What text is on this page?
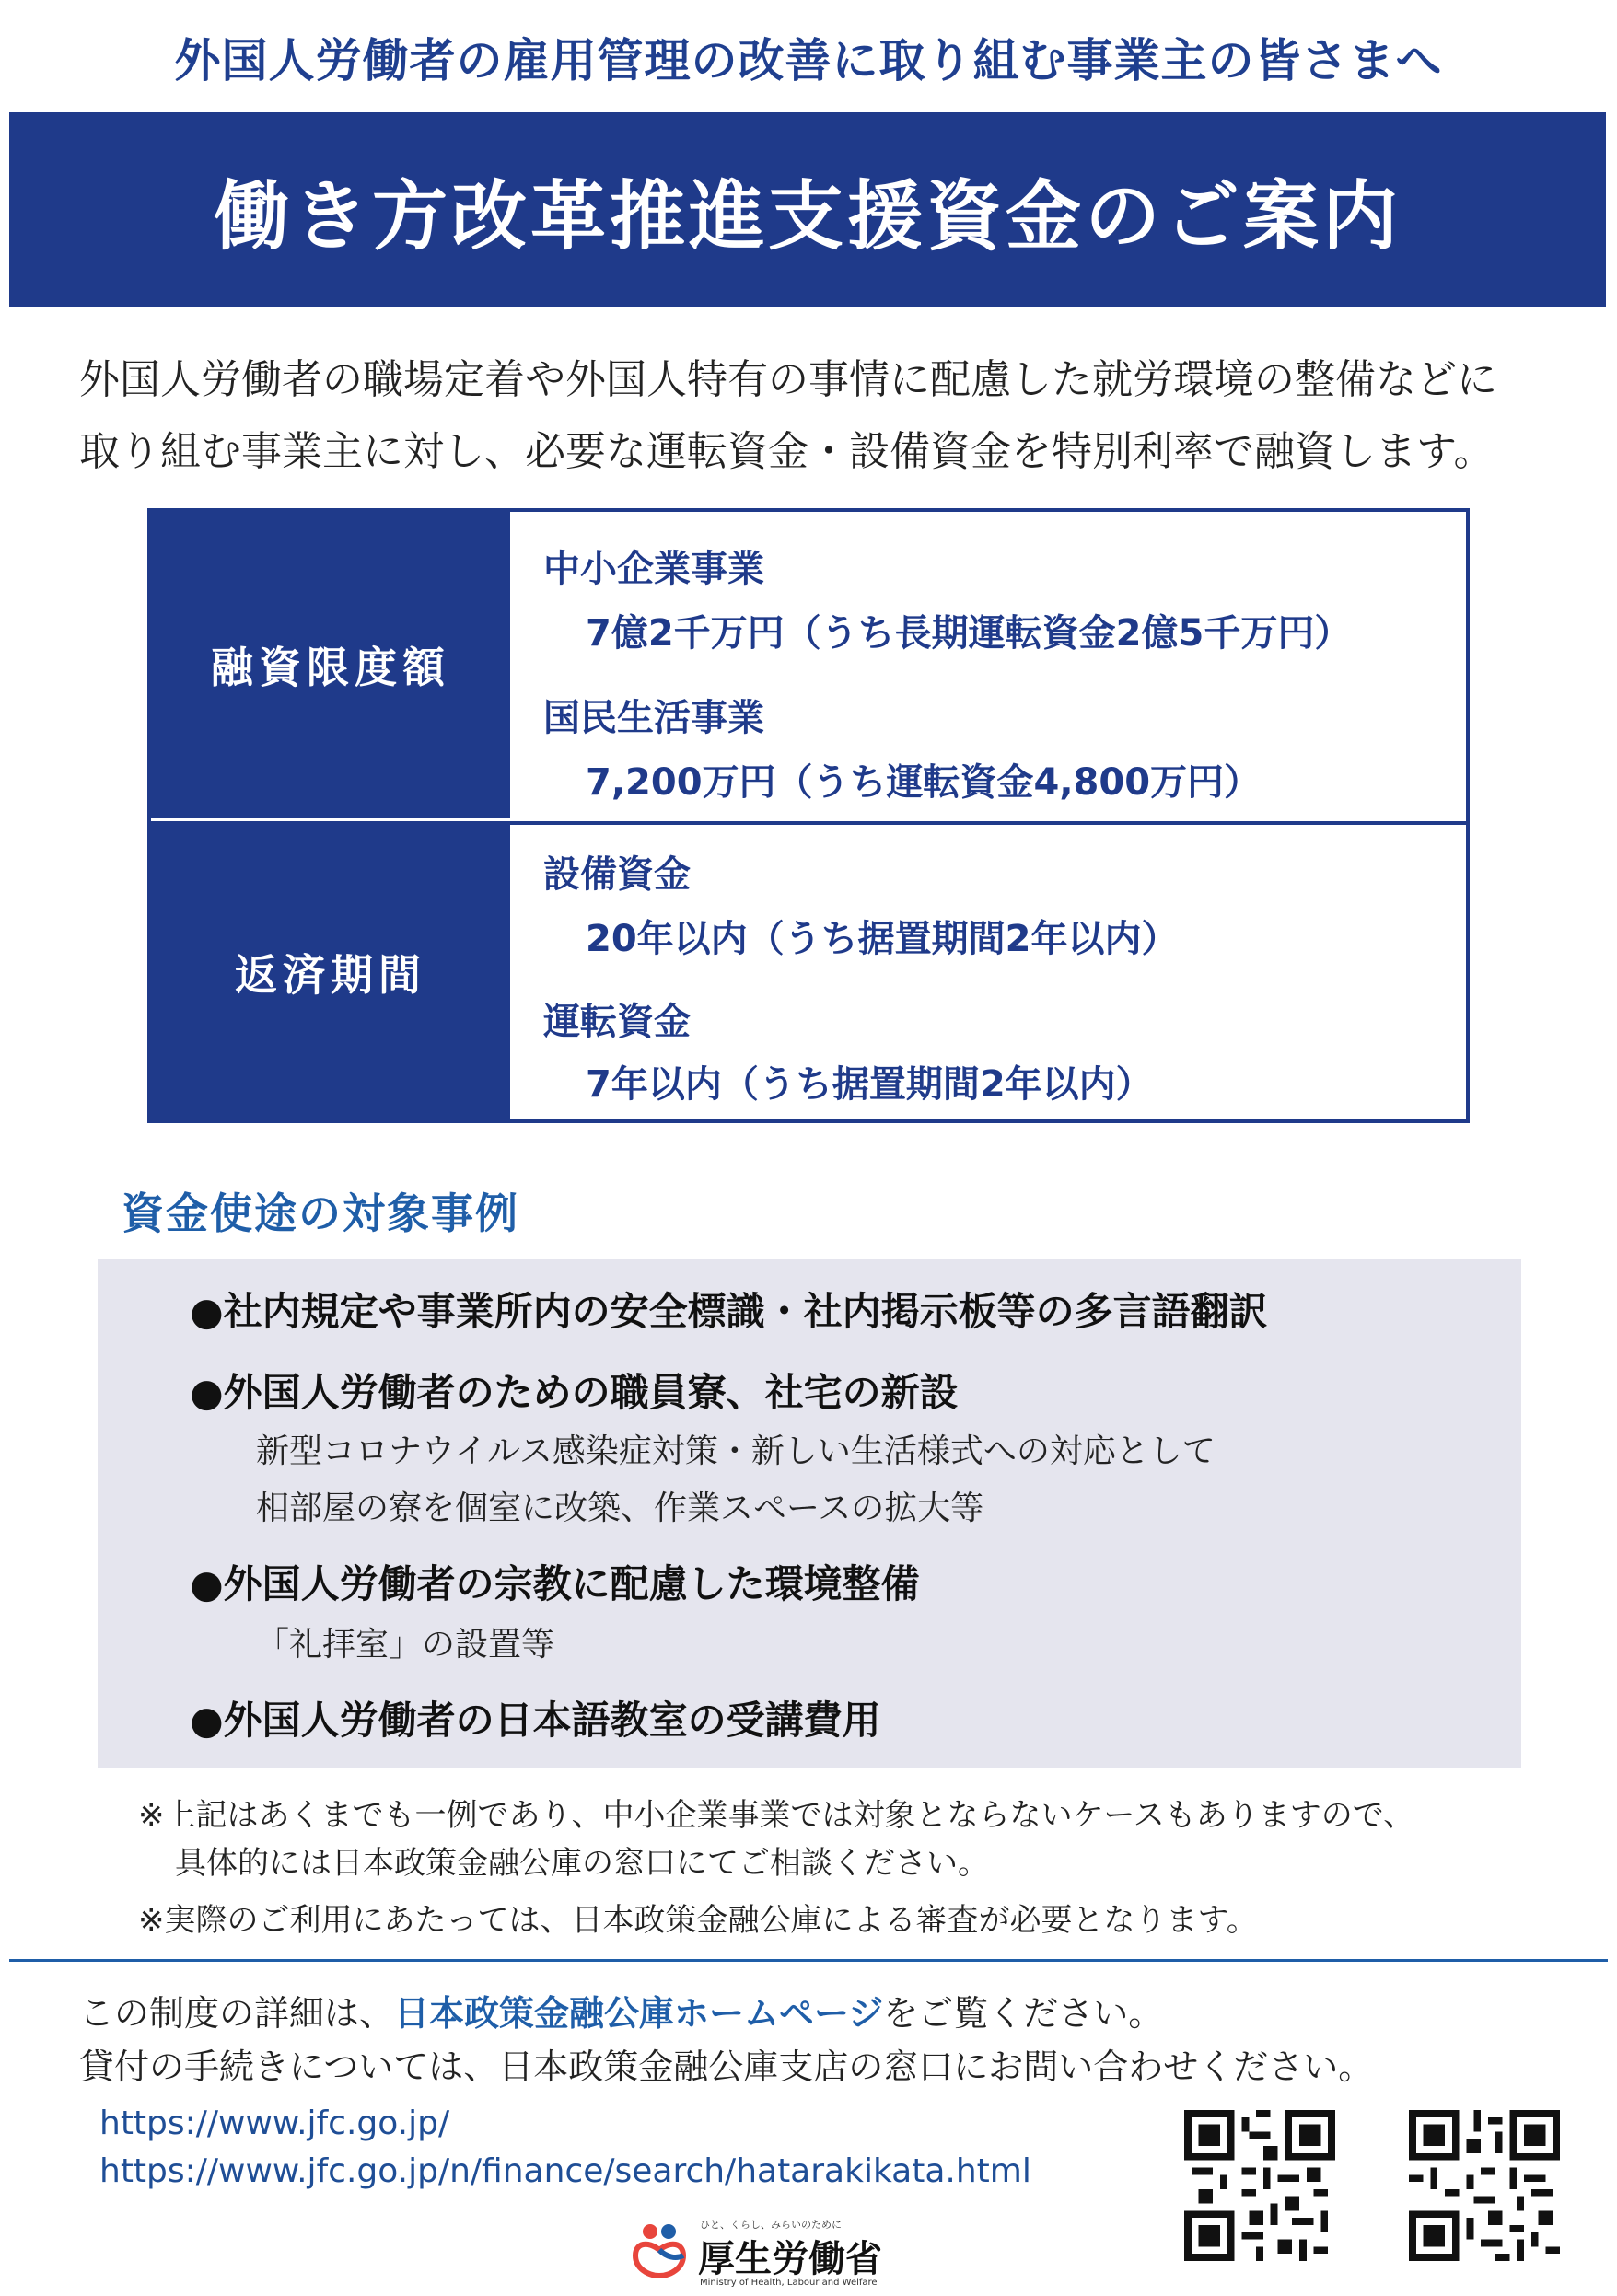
外国人労働者の雇用管理の改善に取り組む事業主の皆さまへ
働き方改革推進支援資金のご案内

外国人労働者の職場定着や外国人特有の事情に配慮した就労環境の整備などに

取り組む事業主に対し、必要な運転資金・設備資金を特別利率で融資します。

融資限度額
中小企業事業
7億2千万円（うち長期運転資金2億5千万円）
国民生活事業
7,200万円（うち運転資金4,800万円）
返済期間
設備資金
20年以内（うち据置期間2年以内）
運転資金
7年以内（うち据置期間2年以内）
資金使途の対象事例
●社内規定や事業所内の安全標識・社内掲示板等の多言語翻訳
●外国人労働者のための職員寮、社宅の新設
新型コロナウイルス感染症対策・新しい生活様式への対応として
相部屋の寮を個室に改築、作業スペースの拡大等
●外国人労働者の宗教に配慮した環境整備
「礼拝室」の設置等
●外国人労働者の日本語教室の受講費用
※上記はあくまでも一例であり、中小企業事業では対象とならないケースもありますので、
具体的には日本政策金融公庫の窓口にてご相談ください。
※実際のご利用にあたっては、日本政策金融公庫による審査が必要となります。
この制度の詳細は、日本政策金融公庫ホームページをご覧ください。
貸付の手続きについては、日本政策金融公庫支店の窓口にお問い合わせください。
https://www.jfc.go.jp/
https://www.jfc.go.jp/n/finance/search/hatarakikata.html
ひと、くらし、みらいのために
厚生労働省
Ministry of Health, Labour and Welfare
